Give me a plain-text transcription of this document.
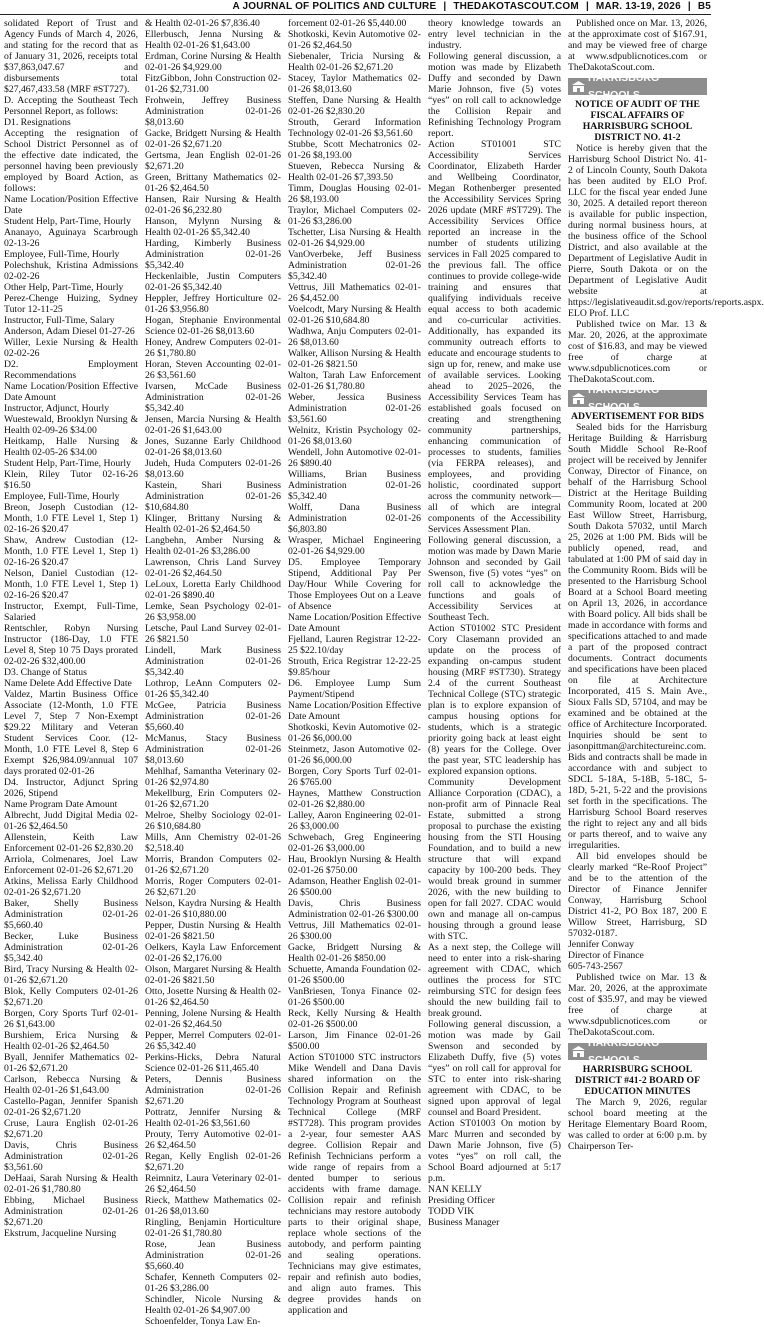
A JOURNAL OF POLITICS AND CULTURE | THEDAKOTASCOUT.COM | MAR. 13-19, 2026 | B5

solidated Report of Trust and Agency Funds of March 4, 2026, and stating for the record that as of January 31, 2026, receipts total $37,863,047.67 and disbursements total $27,467,433.58 (MRF #ST727).

D. Accepting the Southeast Tech Personnel Report, as follows:

D1. Resignations

Accepting the resignation of School District Personnel as of the effective date indicated, the personnel having been previously employed by Board Action, as follows:

Name Location/Position Effective Date

Student Help, Part-Time, Hourly

Ananayo, Aguinaya Scarbrough 02-13-26

Employee, Full-Time, Hourly

Polechshuk, Kristina Admissions 02-02-26

Other Help, Part-Time, Hourly

Perez-Chenge Huizing, Sydney Tutor 12-11-25

Instructor, Full-Time, Salary

Anderson, Adam Diesel 01-27-26

Willer, Lexie Nursing & Health 02-02-26

D2. Employment Recommendations

Name Location/Position Effective Date Amount

Instructor, Adjunct, Hourly

Wuestewald, Brooklyn Nursing & Health 02-09-26 $34.00

Heitkamp, Halle Nursing & Health 02-05-26 $34.00

Student Help, Part-Time, Hourly

Klein, Riley Tutor 02-16-26 $16.50

Employee, Full-Time, Hourly

Breon, Joseph Custodian (12-Month, 1.0 FTE Level 1, Step 1) 02-16-26 $20.47

Shaw, Andrew Custodian (12-Month, 1.0 FTE Level 1, Step 1) 02-16-26 $20.47

Nelson, Daniel Custodian (12-Month, 1.0 FTE Level 1, Step 1) 02-16-26 $20.47

Instructor, Exempt, Full-Time, Salaried

Rentschler, Robyn Nursing Instructor (186-Day, 1.0 FTE Level 8, Step 10 75 Days prorated 02-02-26 $32,400.00

D3. Change of Status

Name Delete Add Effective Date

Valdez, Martin Business Office Associate (12-Month, 1.0 FTE Level 7, Step 7 Non-Exempt $29.22 Military and Veteran Student Services Coor. (12-Month, 1.0 FTE Level 8, Step 6 Exempt $26,984.09/annual 107 days prorated 02-01-26

D4. Instructor, Adjunct Spring 2026, Stipend

Name Program Date Amount

Albrecht, Judd Digital Media 02-01-26 $2,464.50

Allenstein, Keith Law Enforcement 02-01-26 $2,830.20

Arriola, Colmenares, Joel Law Enforcement 02-01-26 $2,671.20

Atkins, Melissa Early Childhood 02-01-26 $2,671.20

Baker, Shelly Business Administration 02-01-26 $5,660.40

Becker, Luke Business Administration 02-01-26 $5,342.40

Bird, Tracy Nursing & Health 02-01-26 $2,671.20

Blok, Kelly Computers 02-01-26 $2,671.20

Borgen, Cory Sports Turf 02-01-26 $1,643.00

Burshiem, Erica Nursing & Health 02-01-26 $2,464.50

Byall, Jennifer Mathematics 02-01-26 $2,671.20

Carlson, Rebecca Nursing & Health 02-01-26 $1,643.00

Castello-Pagan, Jennifer Spanish 02-01-26 $2,671.20

Cruse, Laura English 02-01-26 $2,671.20

Davis, Chris Business Administration 02-01-26 $3,561.60

DeHaai, Sarah Nursing & Health 02-01-26 $1,780.80

Ebbing, Michael Business Administration 02-01-26 $2,671.20

Ekstrum, Jacqueline Nursing

& Health 02-01-26 $7,836.40

Ellerbusch, Jenna Nursing & Health 02-01-26 $1,643.00

Erdman, Corine Nursing & Health 02-01-26 $4,929.00

FitzGibbon, John Construction 02-01-26 $2,731.00

Frohwein, Jeffrey Business Administration 02-01-26 $8,013.60

Gacke, Bridgett Nursing & Health 02-01-26 $2,671.20

Gertsma, Jean English 02-01-26 $2,671.20

Green, Brittany Mathematics 02-01-26 $2,464.50

Hansen, Rair Nursing & Health 02-01-26 $6,232.80

Hanson, Mylynn Nursing & Health 02-01-26 $5,342.40

Harding, Kimberly Business Administration 02-01-26 $5,342.40

Heckenlaible, Justin Computers 02-01-26 $5,342.40

Heppler, Jeffrey Horticulture 02-01-26 $3,956.80

Hogan, Stephanie Environmental Science 02-01-26 $8,013.60

Honey, Andrew Computers 02-01-26 $1,780.80

Horan, Steven Accounting 02-01-26 $3,561.60

Ivarsen, McCade Business Administration 02-01-26 $5,342.40

Jensen, Marcia Nursing & Health 02-01-26 $1,643.00

Jones, Suzanne Early Childhood 02-01-26 $8,013.60

Judeh, Huda Computers 02-01-26 $8,013.60

Kastein, Shari Business Administration 02-01-26 $10,684.80

Klinger, Brittany Nursing & Health 02-01-26 $2,464.50

Langbehn, Amber Nursing & Health 02-01-26 $3,286.00

Lawrenson, Chris Land Survey 02-01-26 $2,464.50

LeLoux, Loretta Early Childhood 02-01-26 $890.40

Lemke, Sean Psychology 02-01-26 $3,958.00

Letsche, Paul Land Survey 02-01-26 $821.50

Lindell, Mark Business Administration 02-01-26 $5,342.40

Lothrop, LeAnn Computers 02-01-26 $5,342.40

McGee, Patricia Business Administration 02-01-26 $5,660.40

McManus, Stacy Business Administration 02-01-26 $8,013.60

Mehlhaf, Samantha Veterinary 02-01-26 $2,974.80

Mekellburg, Erin Computers 02-01-26 $2,671.20

Melroe, Shelby Sociology 02-01-26 $10,684.80

Mills, Ann Chemistry 02-01-26 $2,518.40

Morris, Brandon Computers 02-01-26 $2,671.20

Morris, Roger Computers 02-01-26 $2,671.20

Nelson, Kaydra Nursing & Health 02-01-26 $10,880.00

Pepper, Dustin Nursing & Health 02-01-26 $821.50

Oelkers, Kayla Law Enforcement 02-01-26 $2,176.00

Olson, Margaret Nursing & Health 02-01-26 $821.50

Otto, Josette Nursing & Health 02-01-26 $2,464.50

Penning, Jolene Nursing & Health 02-01-26 $2,464.50

Pepper, Merrel Computers 02-01-26 $5,342.40

Perkins-Hicks, Debra Natural Science 02-01-26 $11,465.40

Peters, Dennis Business Administration 02-01-26 $2,671.20

Pottratz, Jennifer Nursing & Health 02-01-26 $3,561.60

Prouty, Terry Automotive 02-01-26 $2,464.50

Regan, Kelly English 02-01-26 $2,671.20

Reimnitz, Laura Veterinary 02-01-26 $2,464.50

Rieck, Matthew Mathematics 02-01-26 $8,013.60

Ringling, Benjamin Horticulture 02-01-26 $1,780.80

Rose, Jean Business Administration 02-01-26 $5,660.40

Schafer, Kenneth Computers 02-01-26 $3,286.00

Schindler, Nicole Nursing & Health 02-01-26 $4,907.00

Schoenfelder, Tonya Law En-

forcement 02-01-26 $5,440.00

Shotkoski, Kevin Automotive 02-01-26 $2,464.50

Siebenaler, Tricia Nursing & Health 02-01-26 $2,671.20

Stacey, Taylor Mathematics 02-01-26 $8,013.60

Steffen, Dane Nursing & Health 02-01-26 $2,830.20

Strouth, Gerard Information Technology 02-01-26 $3,561.60

Stubbe, Scott Mechatronics 02-01-26 $8,193.00

Stueven, Rebecca Nursing & Health 02-01-26 $7,393.50

Timm, Douglas Housing 02-01-26 $8,193.00

Traylor, Michael Computers 02-01-26 $3,286.00

Tschetter, Lisa Nursing & Health 02-01-26 $4,929.00

VanOverbeke, Jeff Business Administration 02-01-26 $5,342.40

Vettrus, Jill Mathematics 02-01-26 $4,452.00

Voelcodt, Mary Nursing & Health 02-01-26 $10,684.80

Wadhwa, Anju Computers 02-01-26 $8,013.60

Walker, Allison Nursing & Health 02-01-26 $821.50

Walton, Tarah Law Enforcement 02-01-26 $1,780.80

Weber, Jessica Business Administration 02-01-26 $3,561.60

Welnitz, Kristin Psychology 02-01-26 $8,013.60

Wendell, John Automotive 02-01-26 $890.40

Williams, Brian Business Administration 02-01-26 $5,342.40

Wolff, Dana Business Administration 02-01-26 $6,803.80

Wrasper, Michael Engineering 02-01-26 $4,929.00

D5. Employee Temporary Stipend, Additional Pay Per Day/Hour While Covering for Those Employees Out on a Leave of Absence

Name Location/Position Effective Date Amount

Fjelland, Lauren Registrar 12-22-25 $22.10/day

Strouth, Erica Registrar 12-22-25 $9.85/hour

D6. Employee Lump Sum Payment/Stipend

Name Location/Position Effective Date Amount

Shotkoski, Kevin Automotive 02-01-26 $6,000.00

Steinmetz, Jason Automotive 02-01-26 $6,000.00

Borgen, Cory Sports Turf 02-01-26 $765.00

Haynes, Matthew Construction 02-01-26 $2,880.00

Lalley, Aaron Engineering 02-01-26 $3,000.00

Schwebach, Greg Engineering 02-01-26 $3,000.00

Hau, Brooklyn Nursing & Health 02-01-26 $750.00

Adamson, Heather English 02-01-26 $500.00

Davis, Chris Business Administration 02-01-26 $300.00

Vettrus, Jill Mathematics 02-01-26 $300.00

Gacke, Bridgett Nursing & Health 02-01-26 $850.00

Schuette, Amanda Foundation 02-01-26 $500.00

VanBriesen, Tonya Finance 02-01-26 $500.00

Reck, Kelly Nursing & Health 02-01-26 $500.00

Larson, Jim Finance 02-01-26 $500.00

Action ST01000 STC instructors Mike Wendell and Dana Davis shared information on the Collision Repair and Refinish Technology Program at Southeast Technical College (MRF #ST728). This program provides a 2-year, four semester AAS degree. Collision Repair and Refinish Technicians perform a wide range of repairs from a dented bumper to serious accidents with frame damage. Collision repair and refinish technicians may restore autobody parts to their original shape, replace whole sections of the autobody, and perform painting and sealing operations. Technicians may give estimates, repair and refinish auto bodies, and align auto frames. This degree provides hands on application and

theory knowledge towards an entry level technician in the industry.

Following general discussion, a motion was made by Elizabeth Duffy and seconded by Dawn Marie Johnson, five (5) votes “yes” on roll call to acknowledge the Collision Repair and Refinishing Technology Program report.

Action ST01001 STC Accessibility Services Coordinator, Elizabeth Harder and Wellbeing Coordinator, Megan Rothenberger presented the Accessibility Services Spring 2026 update (MRF #ST729). The Accessibility Services Office reported an increase in the number of students utilizing services in Fall 2025 compared to the previous fall. The office continues to provide college-wide training and ensures that qualifying individuals receive equal access to both academic and co-curricular activities. Additionally, has expanded its community outreach efforts to educate and encourage students to sign up for, renew, and make use of available services. Looking ahead to 2025–2026, the Accessibility Services Team has established goals focused on creating and strengthening community partnerships, enhancing communication of processes to students, families (via FERPA releases), and employees, and providing holistic, coordinated support across the community network—all of which are integral components of the Accessibility Services Assessment Plan.

Following general discussion, a motion was made by Dawn Marie Johnson and seconded by Gail Swenson, five (5) votes “yes” on roll call to acknowledge the functions and goals of Accessibility Services at Southeast Tech.

Action ST01002 STC President Cory Clasemann provided an update on the process of expanding on-campus student housing (MRF #ST730). Strategy 2.4 of the current Southeast Technical College (STC) strategic plan is to explore expansion of campus housing options for students, which is a strategic priority going back at least eight (8) years for the College. Over the past year, STC leadership has explored expansion options.

Community Development Alliance Corporation (CDAC), a non-profit arm of Pinnacle Real Estate, submitted a strong proposal to purchase the existing housing from the STI Housing Foundation, and to build a new structure that will expand capacity by 100-200 beds. They would break ground in summer 2026, with the new building to open for fall 2027. CDAC would own and manage all on-campus housing through a ground lease with STC.

As a next step, the College will need to enter into a risk-sharing agreement with CDAC, which outlines the process for STC reimbursing STC for design fees should the new building fail to break ground.

Following general discussion, a motion was made by Gail Swenson and seconded by Elizabeth Duffy, five (5) votes “yes” on roll call for approval for STC to enter into risk-sharing agreement with CDAC, to be signed upon approval of legal counsel and Board President.

Action ST01003 On motion by Marc Murren and seconded by Dawn Marie Johnson, five (5) votes “yes” on roll call, the School Board adjourned at 5:17 p.m.

NAN KELLY

Presiding Officer

TODD VIK

Business Manager

Published once on Mar. 13, 2026, at the approximate cost of $167.91, and may be viewed free of charge at www.sdpublicnotices.com or TheDakotaScout.com.

HARRISBURG SCHOOLS

NOTICE OF AUDIT OF THE FISCAL AFFAIRS OF HARRISBURG SCHOOL DISTRICT NO. 41-2

Notice is hereby given that the Harrisburg School District No. 41-2 of Lincoln County, South Dakota has been audited by ELO Prof. LLC for the fiscal year ended June 30, 2025. A detailed report thereon is available for public inspection, during normal business hours, at the business office of the School District, and also available at the Department of Legislative Audit in Pierre, South Dakota or on the Department of Legislative Audit website at https://legislativeaudit.sd.gov/reports/reports.aspx.

ELO Prof. LLC

Published twice on Mar. 13 & Mar. 20, 2026, at the approximate cost of $16.83, and may be viewed free of charge at www.sdpublicnotices.com or TheDakotaScout.com.

HARRISBURG SCHOOLS

ADVERTISEMENT FOR BIDS

Sealed bids for the Harrisburg Heritage Building & Harrisburg South Middle School Re-Roof project will be received by Jennifer Conway, Director of Finance, on behalf of the Harrisburg School District at the Heritage Building Community Room, located at 200 East Willow Street, Harrisburg, South Dakota 57032, until March 25, 2026 at 1:00 PM. Bids will be publicly opened, read, and tabulated at 1:00 PM of said day in the Community Room. Bids will be presented to the Harrisburg School Board at a School Board meeting on April 13, 2026, in accordance with Board policy. All bids shall be made in accordance with forms and specifications attached to and made a part of the proposed contract documents. Contract documents and specifications have been placed on file at Architecture Incorporated, 415 S. Main Ave., Sioux Falls SD, 57104, and may be examined and be obtained at the office of Architecture Incorporated. Inquiries should be sent to jasonpittman@architectureinc.com. Bids and contracts shall be made in accordance with and subject to SDCL 5-18A, 5-18B, 5-18C, 5-18D, 5-21, 5-22 and the provisions set forth in the specifications. The Harrisburg School Board reserves the right to reject any and all bids or parts thereof, and to waive any irregularities.

All bid envelopes should be clearly marked “Re-Roof Project” and be to the attention of the Director of Finance Jennifer Conway, Harrisburg School District 41-2, PO Box 187, 200 E Willow Street, Harrisburg, SD 57032-0187.

Jennifer Conway

Director of Finance

605-743-2567

Published twice on Mar. 13 & Mar. 20, 2026, at the approximate cost of $35.97, and may be viewed free of charge at www.sdpublicnotices.com or TheDakotaScout.com.

HARRISBURG SCHOOLS

HARRISBURG SCHOOL DISTRICT #41-2 BOARD OF EDUCATION MINUTES

The March 9, 2026, regular school board meeting at the Heritage Elementary Board Room, was called to order at 6:00 p.m. by Chairperson Ter-
